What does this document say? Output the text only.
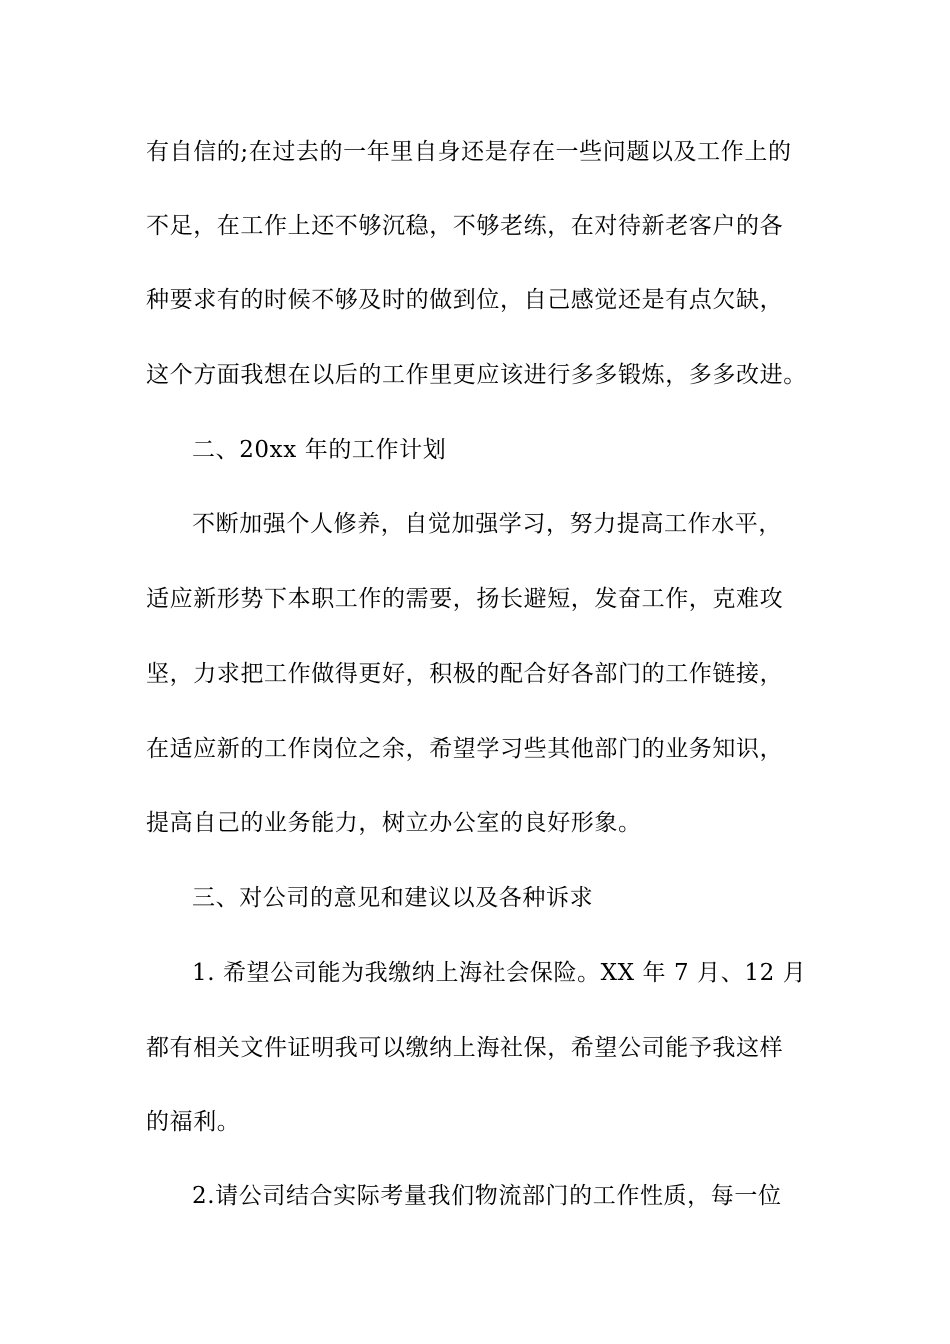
有自信的;在过去的一年里自身还是存在一些问题以及工作上的
不足，在工作上还不够沉稳，不够老练，在对待新老客户的各
种要求有的时候不够及时的做到位，自己感觉还是有点欠缺，
这个方面我想在以后的工作里更应该进行多多锻炼，多多改进。
二、20xx 年的工作计划
不断加强个人修养，自觉加强学习，努力提高工作水平，
适应新形势下本职工作的需要，扬长避短，发奋工作，克难攻
坚，力求把工作做得更好，积极的配合好各部门的工作链接，
在适应新的工作岗位之余，希望学习些其他部门的业务知识，
提高自己的业务能力，树立办公室的良好形象。
三、对公司的意见和建议以及各种诉求
1. 希望公司能为我缴纳上海社会保险。XX 年 7 月、12 月
都有相关文件证明我可以缴纳上海社保，希望公司能予我这样
的福利。
2.请公司结合实际考量我们物流部门的工作性质，每一位
